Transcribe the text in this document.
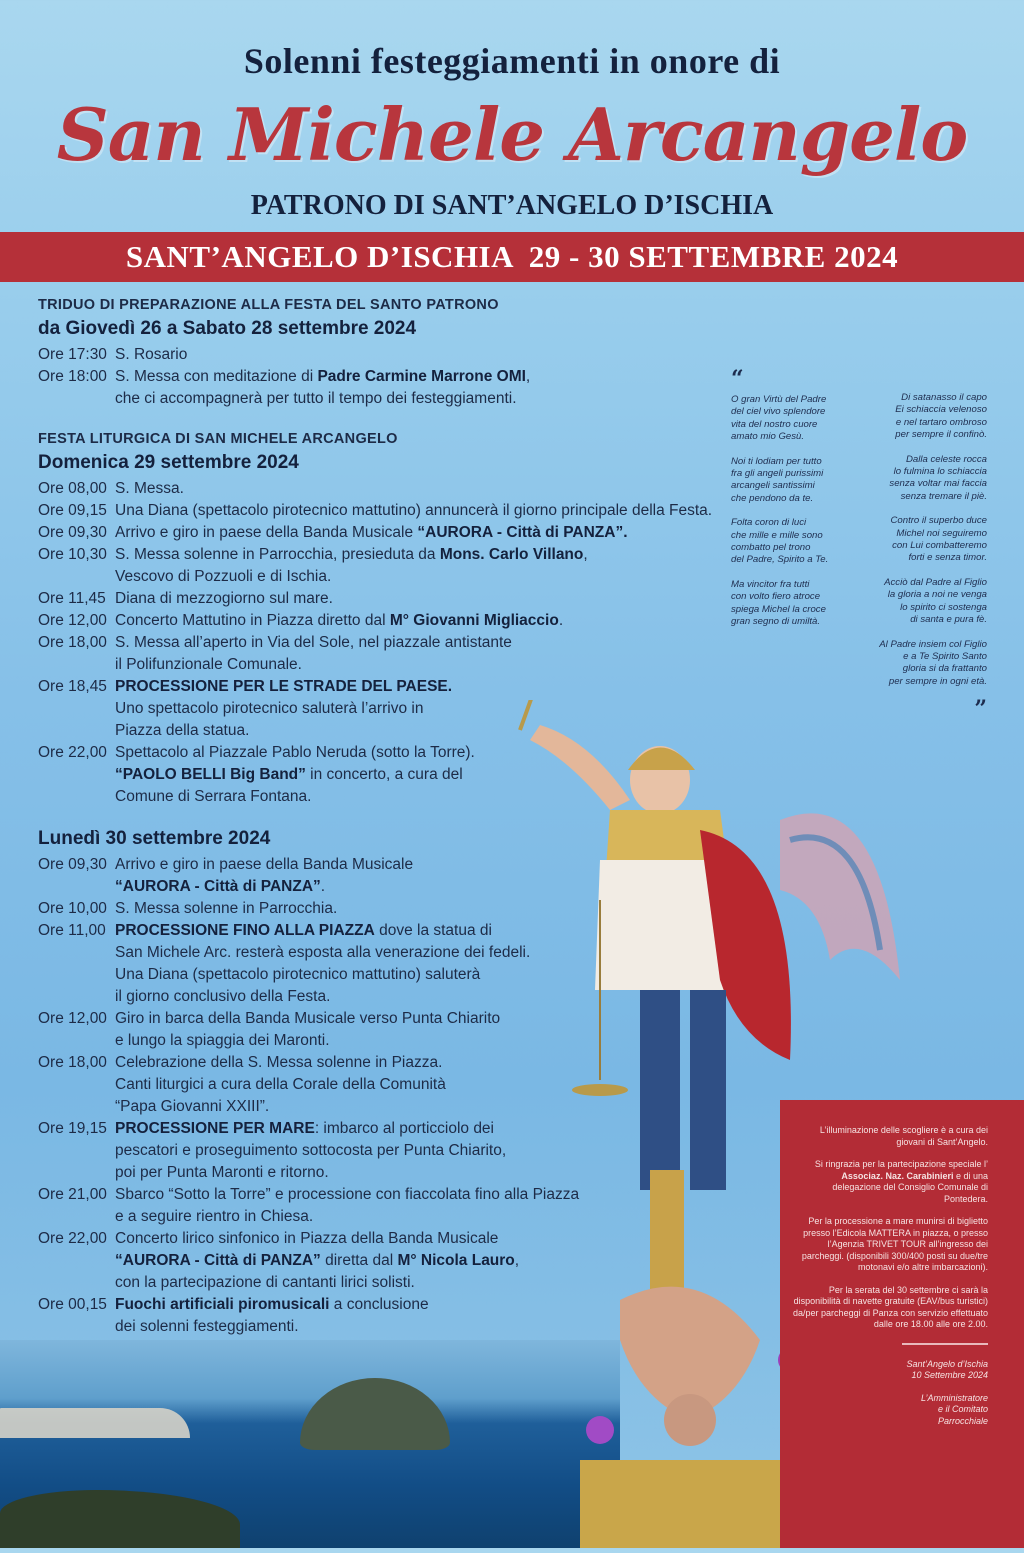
Solenni festeggiamenti in onore di
San Michele Arcangelo
PATRONO DI SANT’ANGELO D’ISCHIA
SANT’ANGELO D’ISCHIA  29 - 30 SETTEMBRE 2024
TRIDUO DI PREPARAZIONE ALLA FESTA DEL SANTO PATRONO
da Giovedì 26 a Sabato 28 settembre 2024
Ore 17:30 S. Rosario
Ore 18:00 S. Messa con meditazione di Padre Carmine Marrone OMI,
che ci accompagnerà per tutto il tempo dei festeggiamenti.
FESTA LITURGICA DI SAN MICHELE ARCANGELO
Domenica 29 settembre 2024
Ore 08,00 S. Messa.
Ore 09,15 Una Diana (spettacolo pirotecnico mattutino) annuncerà il giorno principale della Festa.
Ore 09,30 Arrivo e giro in paese della Banda Musicale “AURORA - Città di PANZA”.
Ore 10,30 S. Messa solenne in Parrocchia, presieduta da Mons. Carlo Villano,
Vescovo di Pozzuoli e di Ischia.
Ore 11,45 Diana di mezzogiorno sul mare.
Ore 12,00 Concerto Mattutino in Piazza diretto dal M° Giovanni Migliaccio.
Ore 18,00 S. Messa all’aperto in Via del Sole, nel piazzale antistante
il Polifunzionale Comunale.
Ore 18,45 PROCESSIONE PER LE STRADE DEL PAESE.
Uno spettacolo pirotecnico saluterà l’arrivo in
Piazza della statua.
Ore 22,00 Spettacolo al Piazzale Pablo Neruda (sotto la Torre).
“PAOLO BELLI Big Band” in concerto, a cura del
Comune di Serrara Fontana.
Lunedì 30 settembre 2024
Ore 09,30 Arrivo e giro in paese della Banda Musicale
“AURORA - Città di PANZA”.
Ore 10,00 S. Messa solenne in Parrocchia.
Ore 11,00 PROCESSIONE FINO ALLA PIAZZA dove la statua di
San Michele Arc. resterà esposta alla venerazione dei fedeli.
Una Diana (spettacolo pirotecnico mattutino) saluterà
il giorno conclusivo della Festa.
Ore 12,00 Giro in barca della Banda Musicale verso Punta Chiarito
e lungo la spiaggia dei Maronti.
Ore 18,00 Celebrazione della S. Messa solenne in Piazza.
Canti liturgici a cura della Corale della Comunità
“Papa Giovanni XXIII”.
Ore 19,15 PROCESSIONE PER MARE: imbarco al porticciolo dei
pescatori e proseguimento sottocosta per Punta Chiarito,
poi per Punta Maronti e ritorno.
Ore 21,00 Sbarco “Sotto la Torre” e processione con fiaccolata fino alla Piazza
e a seguire rientro in Chiesa.
Ore 22,00 Concerto lirico sinfonico in Piazza della Banda Musicale
“AURORA - Città di PANZA” diretta dal M° Nicola Lauro,
con la partecipazione di cantanti lirici solisti.
Ore 00,15 Fuochi artificiali piromusicali a conclusione
dei solenni festeggiamenti.
“
O gran Virtù del Padre
del ciel vivo splendore
vita del nostro cuore
amato mio Gesù.
Noi ti lodiam per tutto
fra gli angeli purissimi
arcangeli santissimi
che pendono da te.
Folta coron di luci
che mille e mille sono
combatto pel trono
del Padre, Spirito a Te.
Ma vincitor fra tutti
con volto fiero atroce
spiega Michel la croce
gran segno di umiltà.
Di satanasso il capo
Ei schiaccia velenoso
e nel tartaro ombroso
per sempre il confinò.
Dalla celeste rocca
lo fulmina lo schiaccia
senza voltar mai faccia
senza tremare il piè.
Contro il superbo duce
Michel noi seguiremo
con Lui combatteremo
forti e senza timor.
Acciò dal Padre al Figlio
la gloria a noi ne venga
lo spirito ci sostenga
di santa e pura fè.
Al Padre insiem col Figlio
e a Te Spirito Santo
gloria si da frattanto
per sempre in ogni età.
”

L’illuminazione delle scogliere è a cura dei giovani di Sant’Angelo.

Si ringrazia per la partecipazione speciale l’ Associaz. Naz. Carabinieri e di una delegazione del Consiglio Comunale di Pontedera.

Per la processione a mare munirsi di biglietto presso l’Edicola MATTERA in piazza, o presso l’Agenzia TRIVET TOUR all’ingresso dei parcheggi. (disponibili 300/400 posti su due/tre motonavi e/o altre imbarcazioni).

Per la serata del 30 settembre ci sarà la disponibilità di navette gratuite (EAV/bus turistici) da/per parcheggi di Panza con servizio effettuato dalle ore 18.00 alle ore 2.00.

Sant’Angelo d’Ischia
10 Settembre 2024

L’Amministratore
e il Comitato
Parrocchiale
